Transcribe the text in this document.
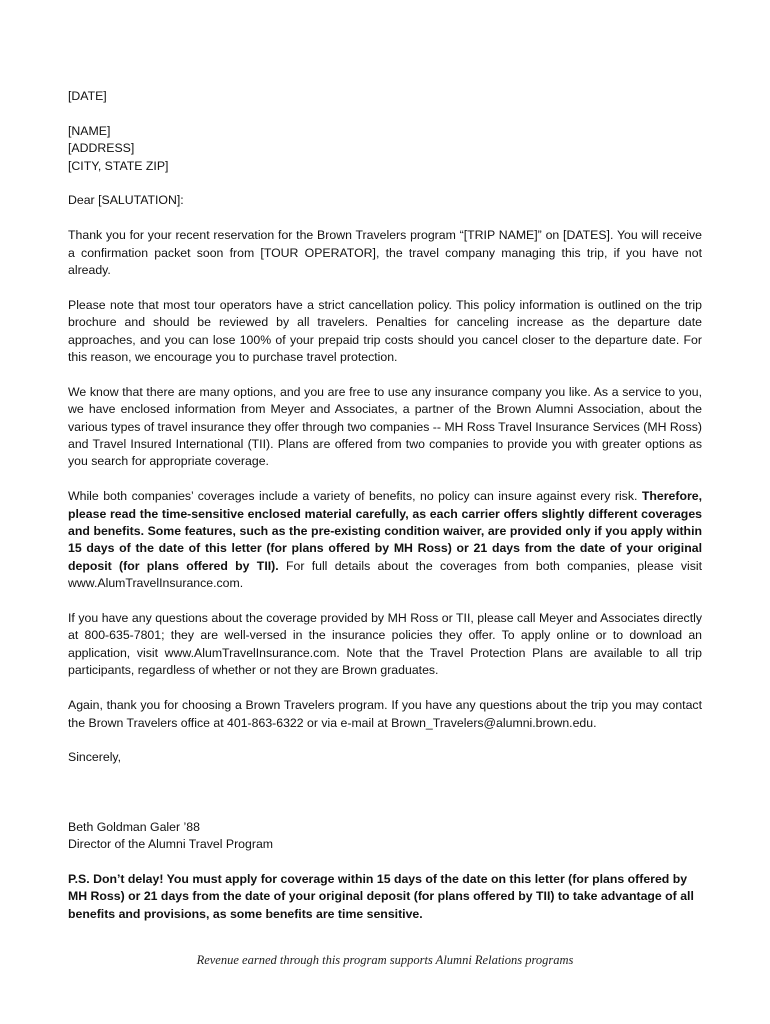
[DATE]

[NAME]

[ADDRESS]

[CITY, STATE ZIP]

Dear [SALUTATION]:

Thank you for your recent reservation for the Brown Travelers program “[TRIP NAME]” on [DATES]. You will receive a confirmation packet soon from [TOUR OPERATOR], the travel company managing this trip, if you have not already.

Please note that most tour operators have a strict cancellation policy. This policy information is outlined on the trip brochure and should be reviewed by all travelers. Penalties for canceling increase as the departure date approaches, and you can lose 100% of your prepaid trip costs should you cancel closer to the departure date. For this reason, we encourage you to purchase travel protection.

We know that there are many options, and you are free to use any insurance company you like. As a service to you, we have enclosed information from Meyer and Associates, a partner of the Brown Alumni Association, about the various types of travel insurance they offer through two companies -- MH Ross Travel Insurance Services (MH Ross) and Travel Insured International (TII). Plans are offered from two companies to provide you with greater options as you search for appropriate coverage.

While both companies’ coverages include a variety of benefits, no policy can insure against every risk. Therefore, please read the time-sensitive enclosed material carefully, as each carrier offers slightly different coverages and benefits. Some features, such as the pre-existing condition waiver, are provided only if you apply within 15 days of the date of this letter (for plans offered by MH Ross) or 21 days from the date of your original deposit (for plans offered by TII). For full details about the coverages from both companies, please visit www.AlumTravelInsurance.com.

If you have any questions about the coverage provided by MH Ross or TII, please call Meyer and Associates directly at 800-635-7801; they are well-versed in the insurance policies they offer. To apply online or to download an application, visit www.AlumTravelInsurance.com. Note that the Travel Protection Plans are available to all trip participants, regardless of whether or not they are Brown graduates.

Again, thank you for choosing a Brown Travelers program. If you have any questions about the trip you may contact the Brown Travelers office at 401-863-6322 or via e-mail at Brown_Travelers@alumni.brown.edu.

Sincerely,

Beth Goldman Galer ’88

Director of the Alumni Travel Program

P.S. Don’t delay! You must apply for coverage within 15 days of the date on this letter (for plans offered by MH Ross) or 21 days from the date of your original deposit (for plans offered by TII) to take advantage of all benefits and provisions, as some benefits are time sensitive.

Revenue earned through this program supports Alumni Relations programs
